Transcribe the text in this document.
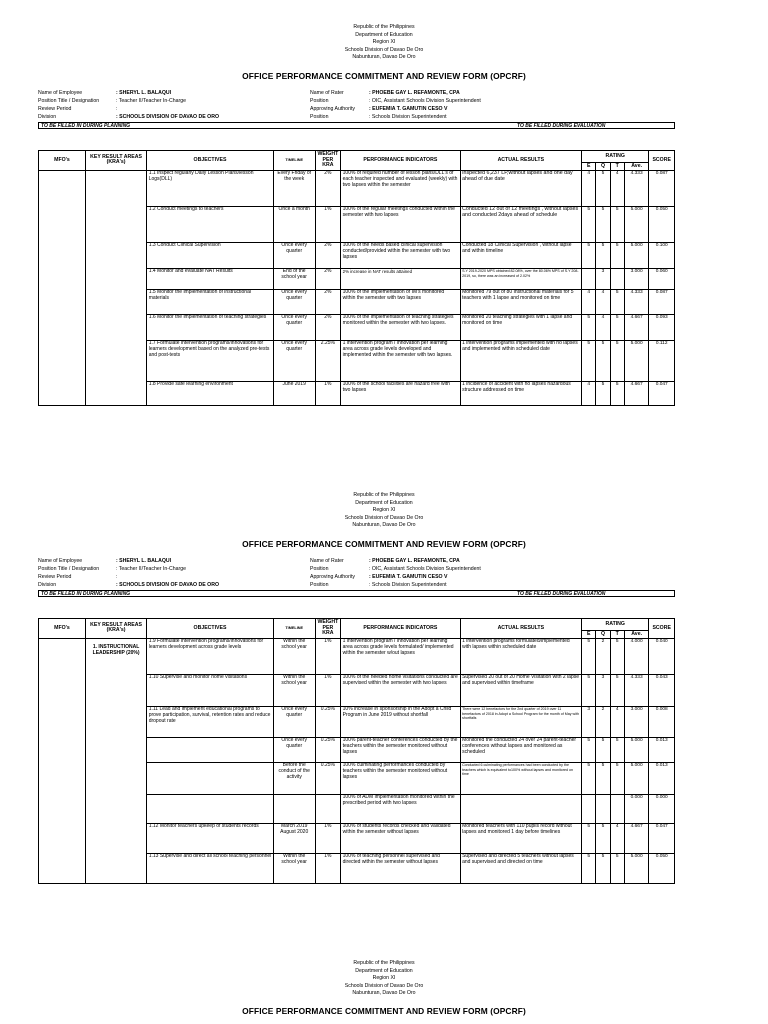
Republic of the Philippines
Department of Education
Region XI
Schools Division of Davao De Oro
Nabunturan, Davao De Oro
OFFICE PERFORMANCE COMMITMENT AND REVIEW FORM (OPCRF)
Name of Employee	: SHERYL L. BALAQUI
Position Title / Designation	: Teacher II/Teacher In-Charge
Review Period	:
Division	: SCHOOLS DIVISION OF DAVAO DE ORO
Name of Rater	: PHOEBE GAY L. REFAMONTE, CPA
Position	: OIC, Assistant Schools Division Superintendent
Approving Authority	: EUFEMIA T. GAMUTIN CESO V
Position	: Schools Division Superintendent
TO BE FILLED IN DURING PLANNING	TO BE FILLED DURING EVALUATION
MFO's	KEY RESULT AREAS (KRA's)	OBJECTIVES	TIMELINE	WEIGHT PER KRA	PERFORMANCE INDICATORS	ACTUAL RESULTS	RATING				SCORE
							E	Q	T	Ave.	
		1.1 Inspect regularly Daily Lesson Plans/lesson Logs(DLL)	Every Friday of the week	2%	100% of required number of lesson plans/DLL's of each teacher inspected and evaluated (weekly) with two lapses within the semester	Inspected 6,237 LP,without lapses and one day ahead of due date	4	5	4	4.333	0.087
		1.2 Conduct meetings to teachers	Once a month	1%	100% of the regular meetings conducted within the semester with two lapses	Conducted 12 out of 12 meetings , without lapses and conducted 2days ahead of schedule	5	5	5	5.000	0.050
		1.3 Conduct Clinical Supervision	Once every quarter	2%	100% of the needs based clinical supervision conducted/provided within the semester with two lapses	Conducted 18 Clinical Supervision , without lapse and within timeline	5	5	5	5.000	0.100
		1.4 Monitor and evaluate NAT Results	End of the school year	2%	2% increase in NAT results attained	S.Y 2019-2020 MPS obtained 82.08%, over the 80.06% MPS of S.Y 208-2019, so, there was an increased of 2.02%		3		3.000	0.060
		1.5 Monitor the implementation of instructional materials	Once every quarter	2%	100% of the implementation of IM's monitored within the semester with two lapses	Monitored 79 out of 80 Instructional materials for 5 teachers with 1 lapse and monitored on time	4	4	5	4.333	0.087
		1.6 Monitor the implementation of teaching strategies	Once every quarter	2%	100% of the implementation of teaching strategies monitored within the semester with two lapses.	Monitored 20 teaching strategies with 1 lapse and monitored on time	5	4	5	4.667	0.093
		1.7 Formulate intervention programs/innovations for learners development based on the analyzed pre-tests and post-tests	Once every quarter	2.25%	1 intervention program / innovation per learning area across grade levels developed and implemented within the semester with two lapses.	1 intervention programs implemented with no lapses and implemented within scheduled date	5	5	5	5.000	0.112
		1.8 Provide safe learning environment	June 2019	1%	100% of the school facilities are hazard free with two lapses	1 incidence of accident with no lapses hazardous structure addressed on time	4	5	5	4.667	0.047
Republic of the Philippines
Department of Education
Region XI
Schools Division of Davao De Oro
Nabunturan, Davao De Oro
OFFICE PERFORMANCE COMMITMENT AND REVIEW FORM (OPCRF)
Name of Employee	: SHERYL L. BALAQUI
Position Title / Designation	: Teacher II/Teacher In-Charge
Review Period	:
Division	: SCHOOLS DIVISION OF DAVAO DE ORO
Name of Rater	: PHOEBE GAY L. REFAMONTE, CPA
Position	: OIC, Assistant Schools Division Superintendent
Approving Authority	: EUFEMIA T. GAMUTIN CESO V
Position	: Schools Division Superintendent
TO BE FILLED IN DURING PLANNING	TO BE FILLED DURING EVALUATION
MFO's	KEY RESULT AREAS (KRA's)	OBJECTIVES	TIMELINE	WEIGHT PER KRA	PERFORMANCE INDICATORS	ACTUAL RESULTS	RATING				SCORE
							E	Q	T	Ave.	

	1. INSTRUCTIONAL LEADERSHIP (20%)	1.9 Formulate intervention programs/innovations for learners development across grade levels	Within the school year	1%	1 intervention program / innovation per learning area across grade levels formulated/ implemented within the semester w/out lapses	1 intervention programs formulated/implemented with lapses within scheduled date	5	2	5	4.000	0.040
		1.10 Supervise and monitor home visitations	Within the school year	1%	100% of the needed home visitations conducted are supervised within the semester with two lapses	Supervised 20 out of 20 Home Visitation with 2 lapse and supervised within timeframe	5	3	5	4.333	0.043
		1.11 Lead and implement educational programs to prove participation, survival, retention rates and reduce dropout rate	Once every quarter	0.25%	10% increase in sponsorship in the Adopt a Child Program in June 2019 without shortfall	There were 12 benefactors for the 2nd quarter of 2019 over 11 benefactors of 2018 in Adopt a School Program for the month of May with shortfalls	3	2	4	3.000	0.008
			Once every quarter	0.25%	100% parent-teacher conferences conducted by the teachers within the semester monitored without lapses	Monitored the conducted 24 over 24 parent-teacher conferences without lapses and monitored as scheduled	5	5	5	5.000	0.013
			Before the conduct of the activity	0.25%	100% culminating performances conducted by teachers within the semester monitored without lapses	Conducted 6 culminating performances had been conducted by the teachers which is equivalent to100% without lapses and monitored on time	5	5	5	5.000	0.013
					100% of ADM implementation monitored within the prescribed period with two lapses					0.000	0.000
		1.12 Monitor teachers upkeep of students records	March 2019 August 2020	1%	100% of students records checked and validated within the semester without lapses	Monitored teachers with 110 pupils record without lapses and monitored 1 day before timelines	5	5	4	4.667	0.047
		1.13 Supervise and direct all school teaching personnel	Within the school year	1%	100% of teaching personnel supervised and directed within the semester without lapses	Supervised and directed 5 teachers without lapses and supervised and directed on time	5	5	5	5.000	0.050
Republic of the Philippines
Department of Education
Region XI
Schools Division of Davao De Oro
Nabunturan, Davao De Oro
OFFICE PERFORMANCE COMMITMENT AND REVIEW FORM (OPCRF)
